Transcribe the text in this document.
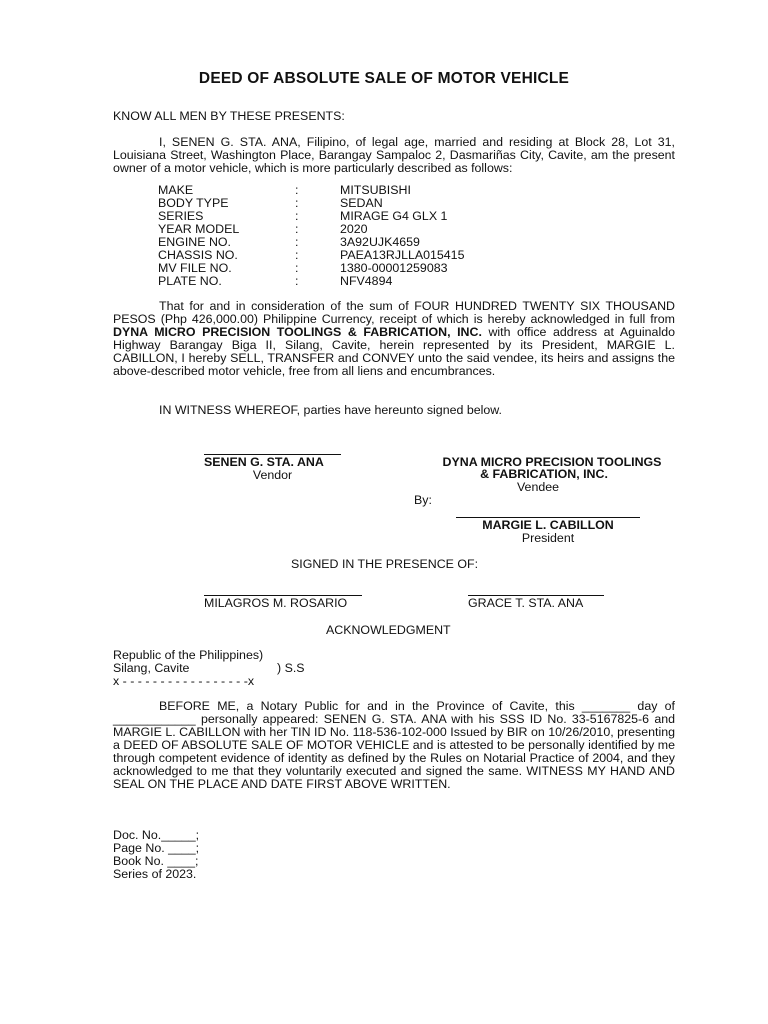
DEED OF ABSOLUTE SALE OF MOTOR VEHICLE
KNOW ALL MEN BY THESE PRESENTS:

I, SENEN G. STA. ANA, Filipino, of legal age, married and residing at Block 28, Lot 31, Louisiana Street, Washington Place, Barangay Sampaloc 2, Dasmariñas City, Cavite, am the present owner of a motor vehicle, which is more particularly described as follows:

MAKE	:	MITSUBISHI
BODY TYPE	:	SEDAN
SERIES	:	MIRAGE G4 GLX 1
YEAR MODEL	:	2020
ENGINE NO.	:	3A92UJK4659
CHASSIS NO.	:	PAEA13RJLLA015415
MV FILE NO.	:	1380-00001259083
PLATE NO.	:	NFV4894

That for and in consideration of the sum of FOUR HUNDRED TWENTY SIX THOUSAND PESOS (Php 426,000.00) Philippine Currency, receipt of which is hereby acknowledged in full from DYNA MICRO PRECISION TOOLINGS & FABRICATION, INC. with office address at Aguinaldo Highway Barangay Biga II, Silang, Cavite, herein represented by its President, MARGIE L. CABILLON, I hereby SELL, TRANSFER and CONVEY unto the said vendee, its heirs and assigns the above-described motor vehicle, free from all liens and encumbrances.

IN WITNESS WHEREOF, parties have hereunto signed below.
SENEN G. STA. ANA
Vendor
DYNA MICRO PRECISION TOOLINGS
& FABRICATION, INC.
Vendee
By:
MARGIE L. CABILLON
President
SIGNED IN THE PRESENCE OF:
MILAGROS M. ROSARIO	GRACE T. STA. ANA
ACKNOWLEDGMENT
Republic of the Philippines)
Silang, Cavite	) S.S
x - - - - - - - - - - - - - - - - -x

BEFORE ME, a Notary Public for and in the Province of Cavite, this _______ day of ____________ personally appeared: SENEN G. STA. ANA with his SSS ID No. 33-5167825-6 and MARGIE L. CABILLON with her TIN ID No. 118-536-102-000 Issued by BIR on 10/26/2010, presenting a DEED OF ABSOLUTE SALE OF MOTOR VEHICLE and is attested to be personally identified by me through competent evidence of identity as defined by the Rules on Notarial Practice of 2004, and they acknowledged to me that they voluntarily executed and signed the same. WITNESS MY HAND AND SEAL ON THE PLACE AND DATE FIRST ABOVE WRITTEN.

Doc. No._____;
Page No. ____;
Book No. ____;
Series of 2023.
